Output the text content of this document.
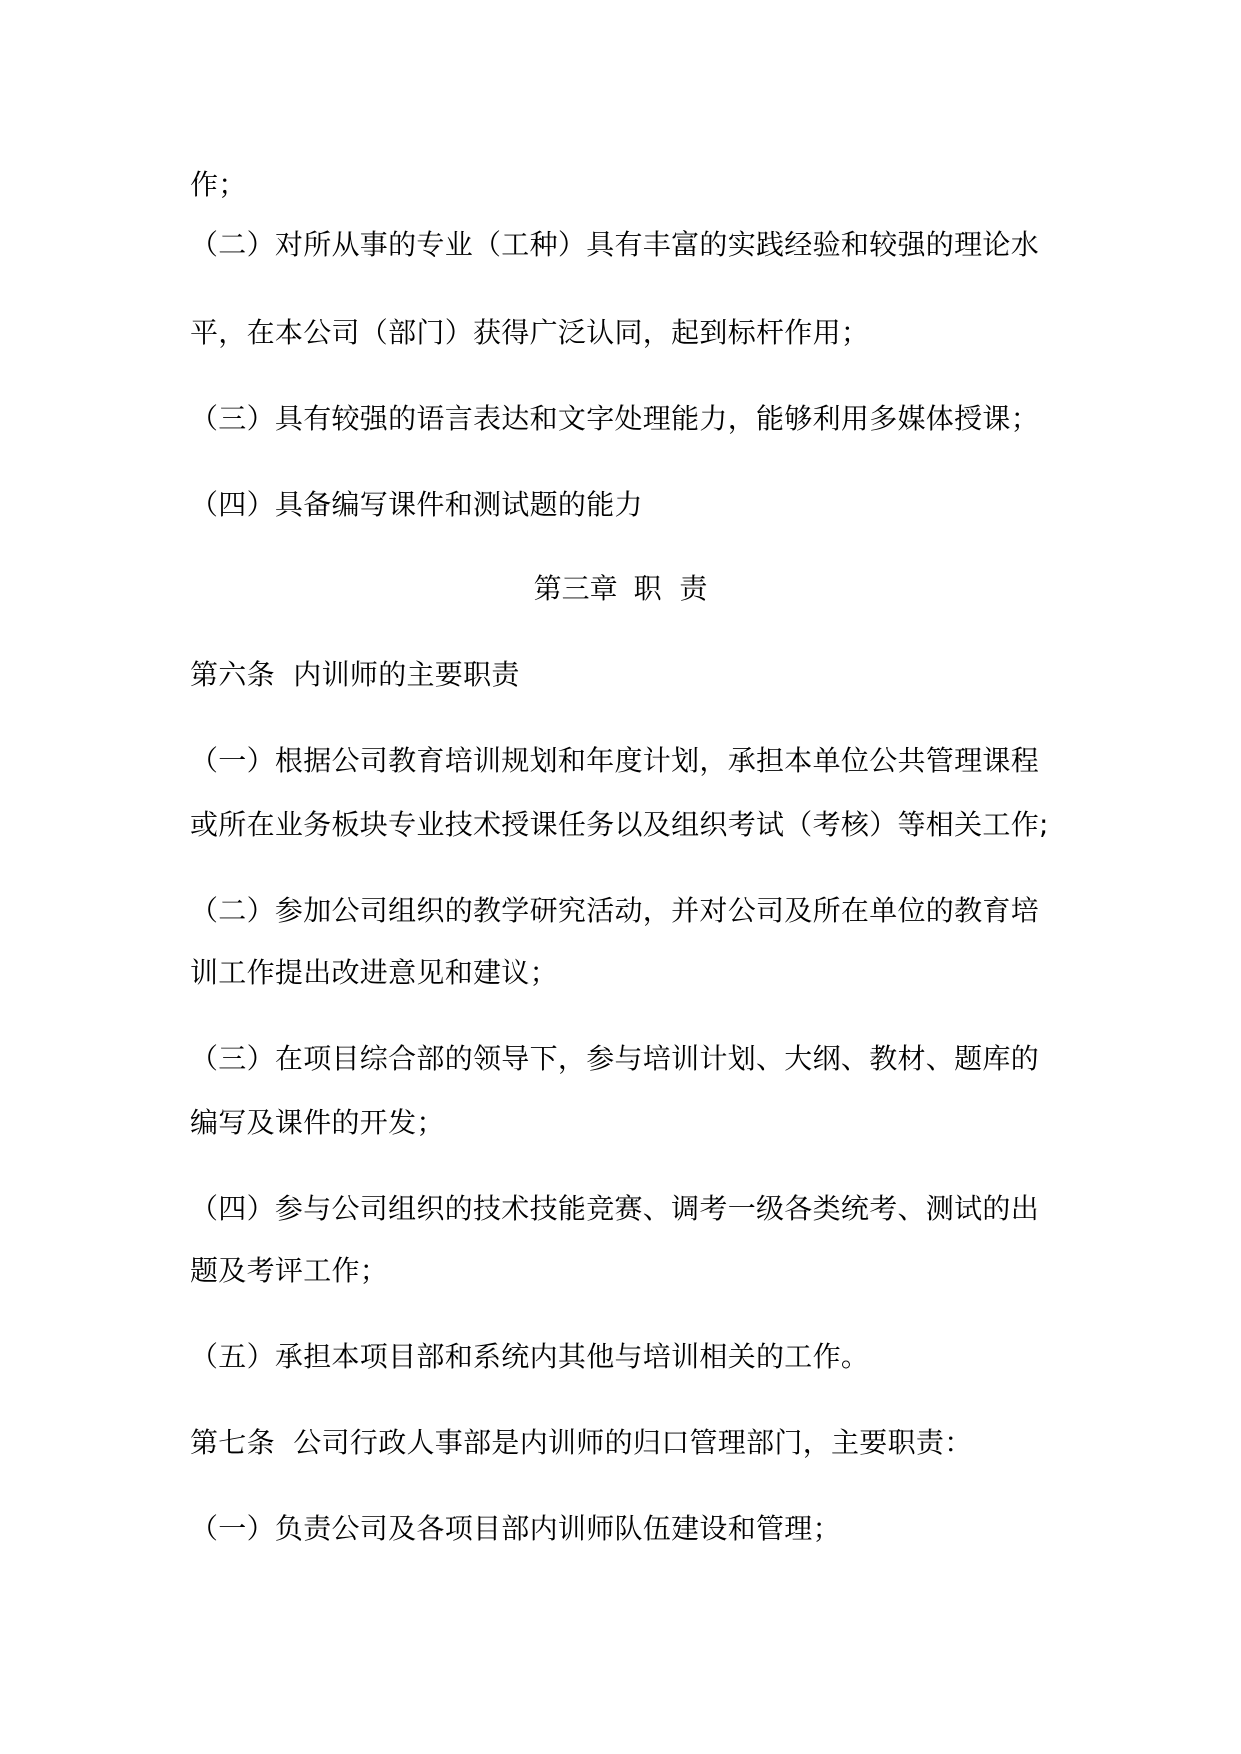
作；
（二）对所从事的专业（工种）具有丰富的实践经验和较强的理论水
平，在本公司（部门）获得广泛认同，起到标杆作用；
（三）具有较强的语言表达和文字处理能力，能够利用多媒体授课；
（四）具备编写课件和测试题的能力
第三章 职  责
第六条  内训师的主要职责
（一）根据公司教育培训规划和年度计划，承担本单位公共管理课程
或所在业务板块专业技术授课任务以及组织考试（考核）等相关工作;
（二）参加公司组织的教学研究活动，并对公司及所在单位的教育培
训工作提出改进意见和建议；
（三）在项目综合部的领导下，参与培训计划、大纲、教材、题库的
编写及课件的开发；
（四）参与公司组织的技术技能竞赛、调考一级各类统考、测试的出
题及考评工作；
（五）承担本项目部和系统内其他与培训相关的工作。
第七条  公司行政人事部是内训师的归口管理部门，主要职责：
（一）负责公司及各项目部内训师队伍建设和管理；
